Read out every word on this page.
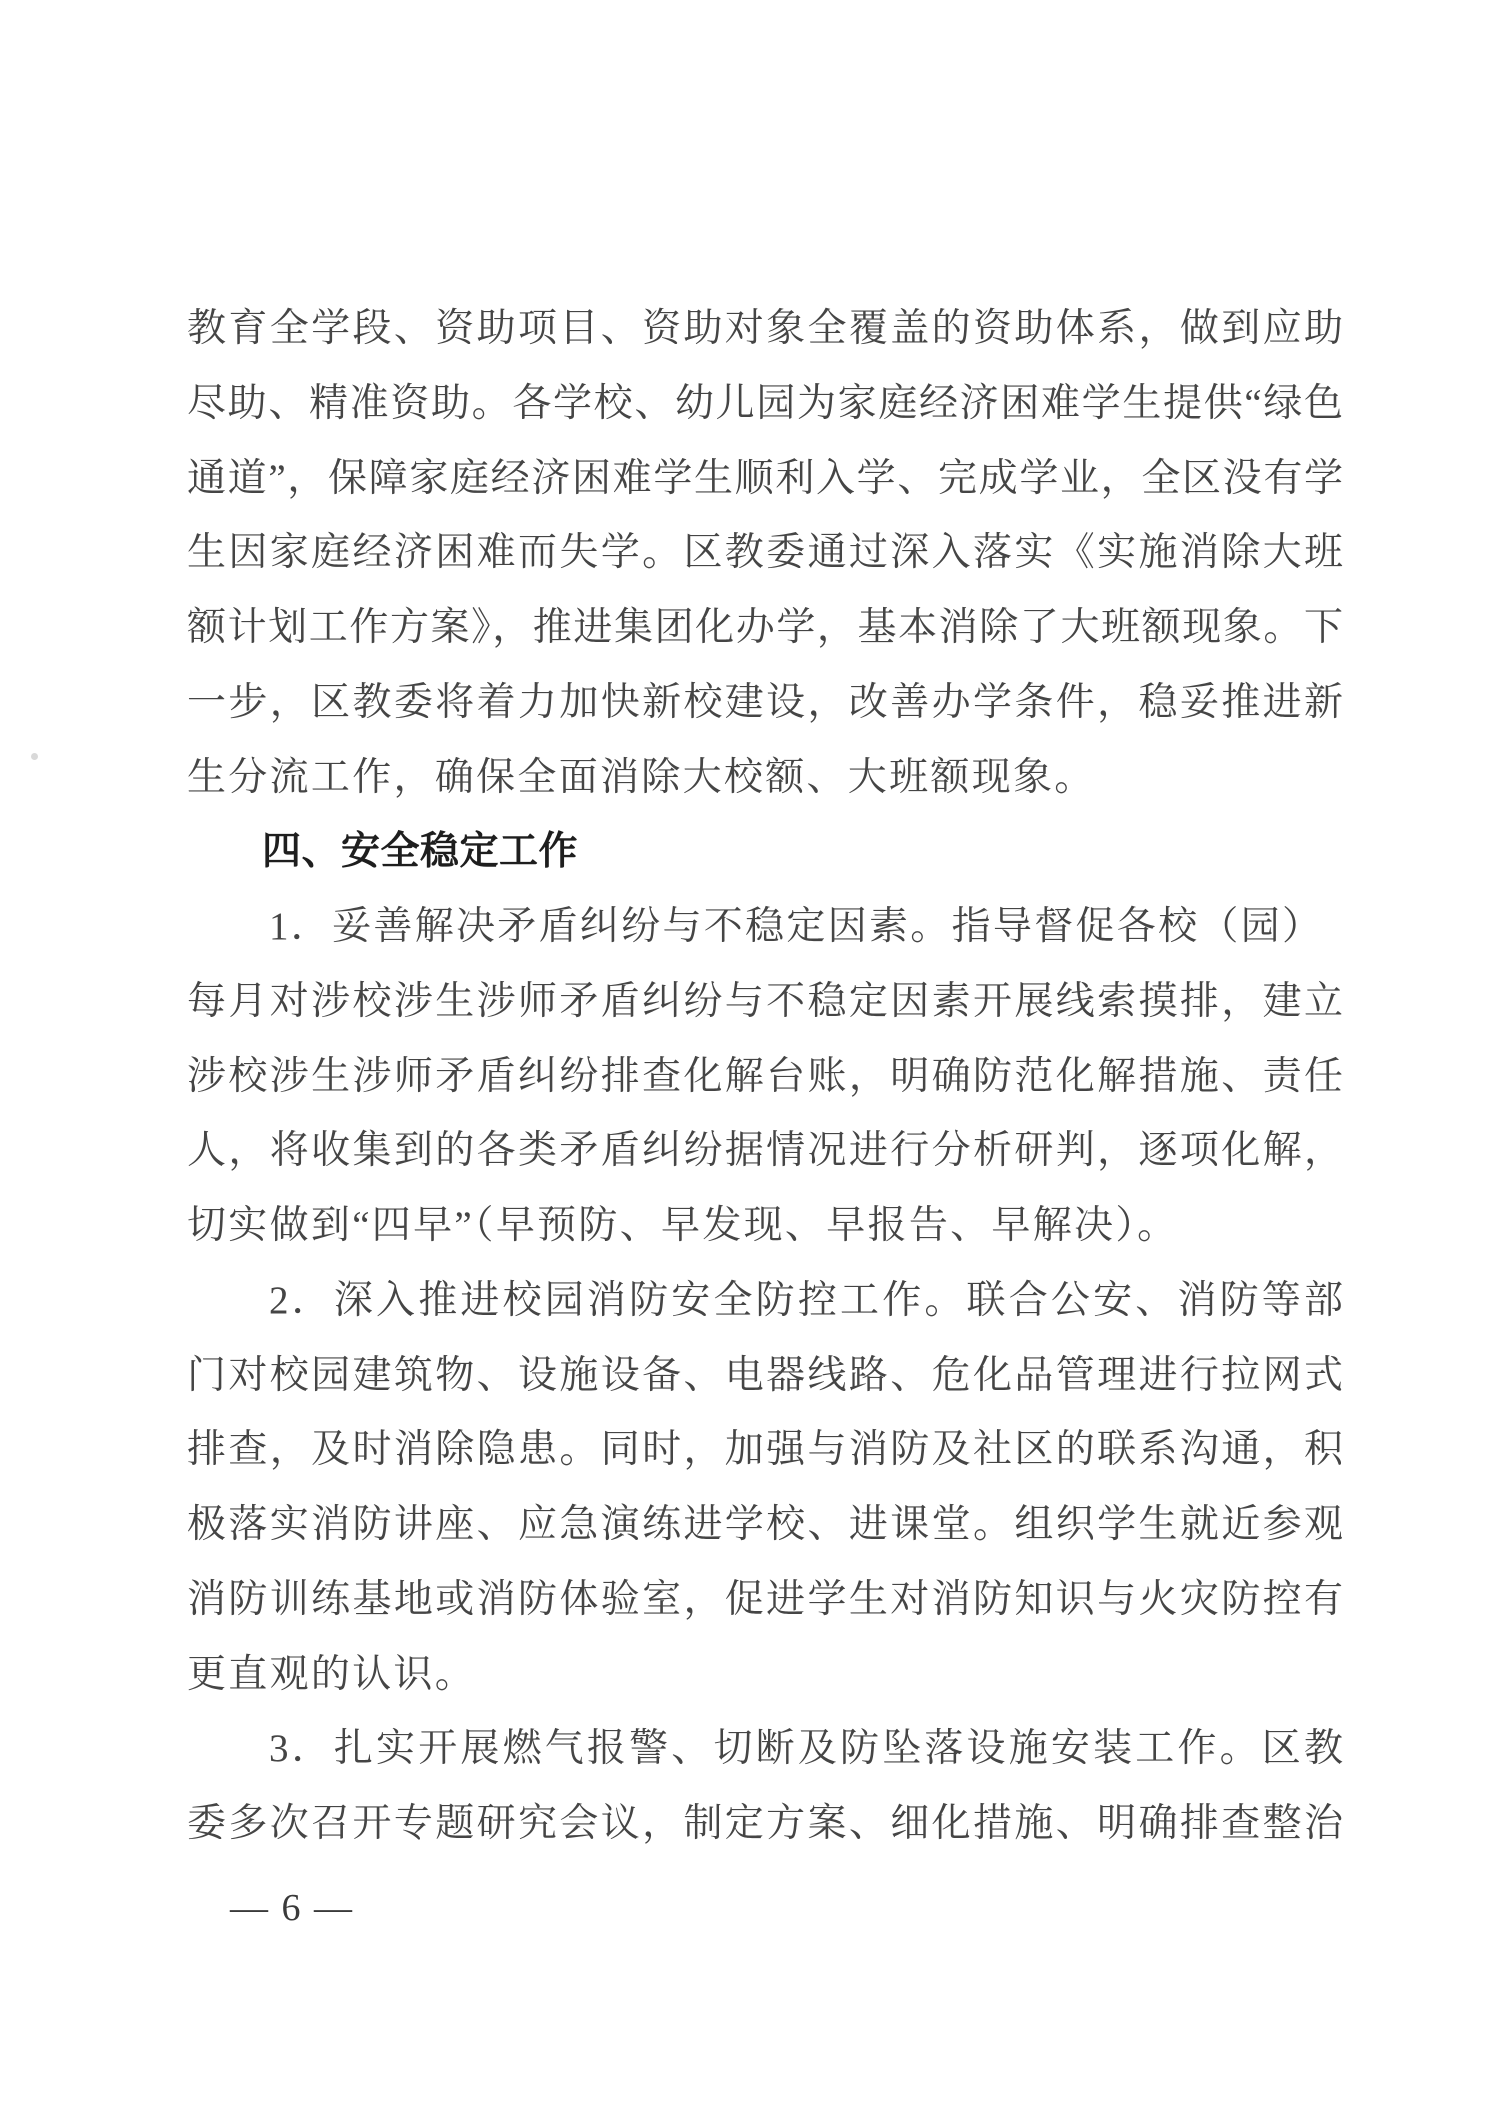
教育全学段、资助项目、资助对象全覆盖的资助体系，做到应助
尽助、精准资助。各学校、幼儿园为家庭经济困难学生提供“绿色
通道”，保障家庭经济困难学生顺利入学、完成学业，全区没有学
生因家庭经济困难而失学。区教委通过深入落实《实施消除大班
额计划工作方案》，推进集团化办学，基本消除了大班额现象。下
一步，区教委将着力加快新校建设，改善办学条件，稳妥推进新
生分流工作，确保全面消除大校额、大班额现象。
四、安全稳定工作
1．妥善解决矛盾纠纷与不稳定因素。指导督促各校（园）
每月对涉校涉生涉师矛盾纠纷与不稳定因素开展线索摸排，建立
涉校涉生涉师矛盾纠纷排查化解台账，明确防范化解措施、责任
人，将收集到的各类矛盾纠纷据情况进行分析研判，逐项化解，
切实做到“四早”（早预防、早发现、早报告、早解决）。
2．深入推进校园消防安全防控工作。联合公安、消防等部
门对校园建筑物、设施设备、电器线路、危化品管理进行拉网式
排查，及时消除隐患。同时，加强与消防及社区的联系沟通，积
极落实消防讲座、应急演练进学校、进课堂。组织学生就近参观
消防训练基地或消防体验室，促进学生对消防知识与火灾防控有
更直观的认识。
3．扎实开展燃气报警、切断及防坠落设施安装工作。区教
委多次召开专题研究会议，制定方案、细化措施、明确排查整治
— 6 —
